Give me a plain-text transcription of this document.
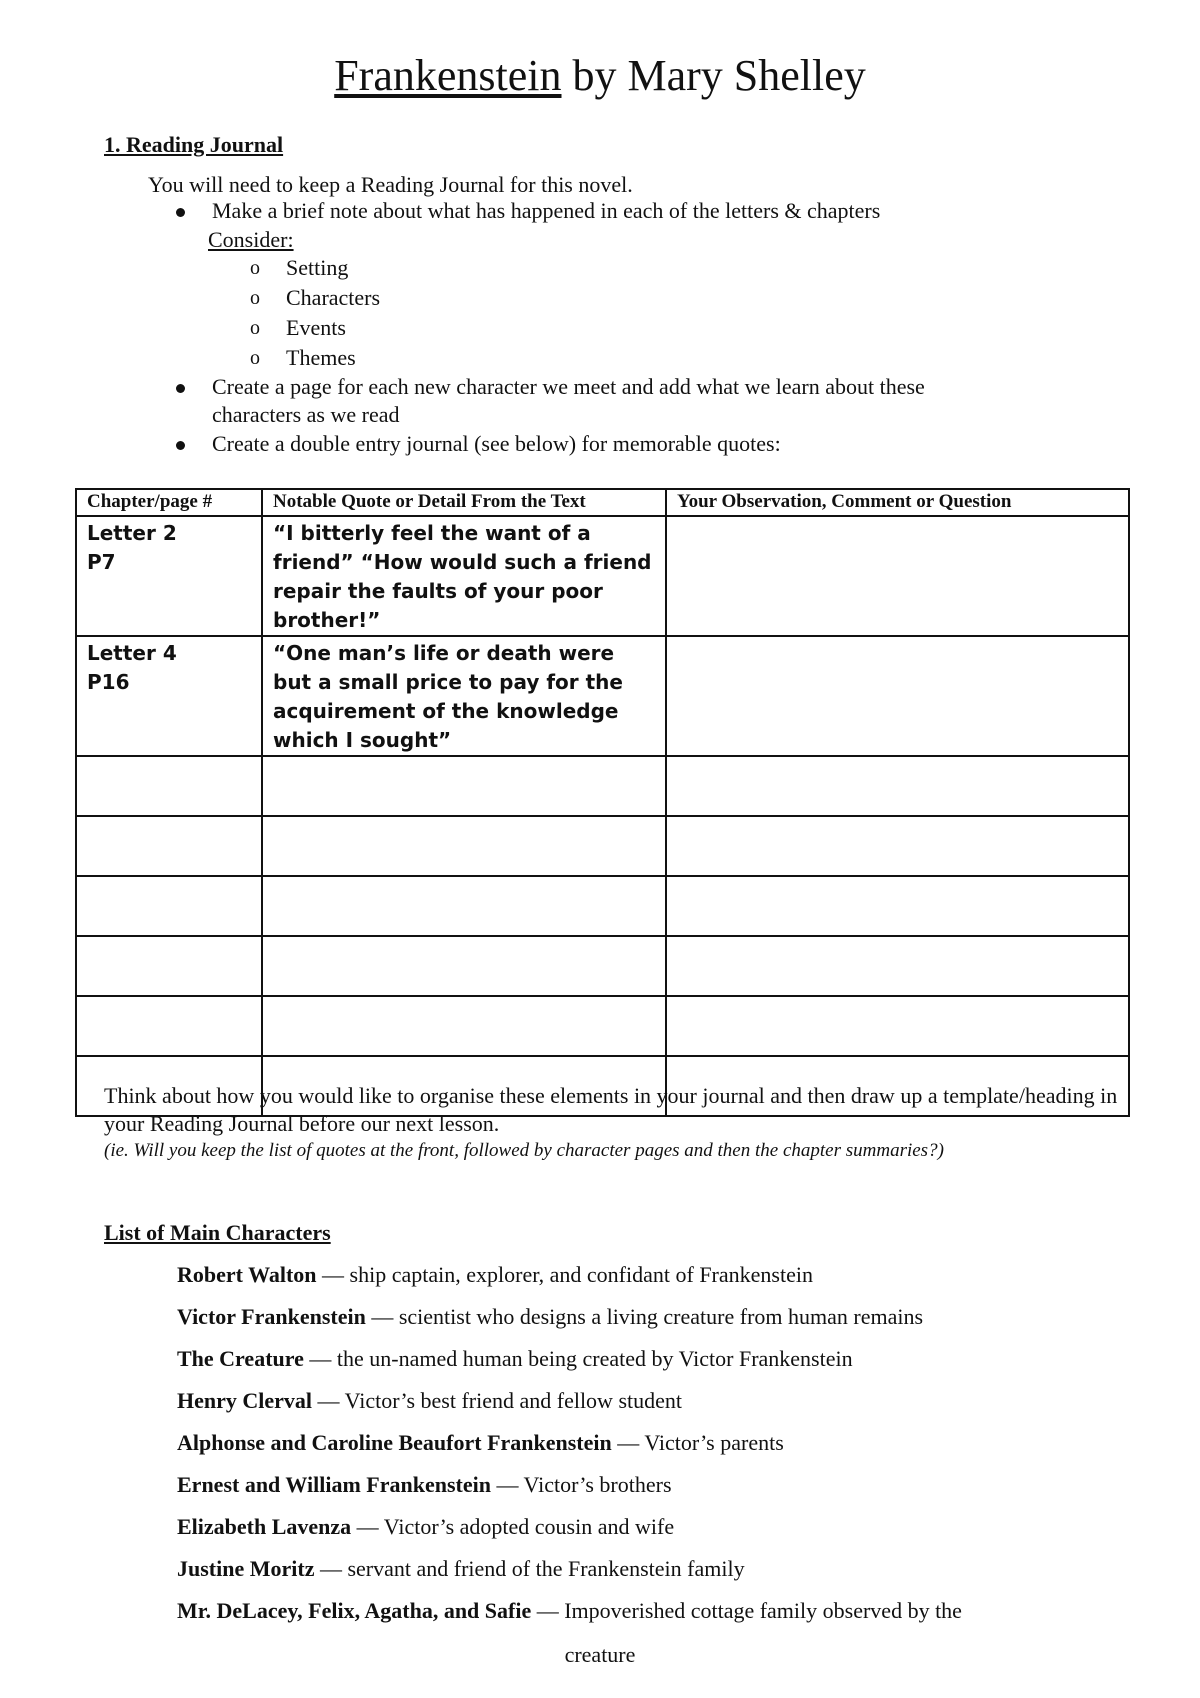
Frankenstein by Mary Shelley
1. Reading Journal
You will need to keep a Reading Journal for this novel.
Make a brief note about what has happened in each of the letters & chapters
Consider:
o Setting
o Characters
o Events
o Themes
Create a page for each new character we meet and add what we learn about these
characters as we read
Create a double entry journal (see below) for memorable quotes:
Chapter/page #	Notable Quote or Detail From the Text	Your Observation, Comment or Question

Letter 2
P7	“I bitterly feel the want of a friend” “How would such a friend repair the faults of your poor brother!”	

Letter 4
P16	“One man’s life or death were but a small price to pay for the acquirement of the knowledge which I sought”	

Think about how you would like to organise these elements in your journal and then draw up a template/heading in your Reading Journal before our next lesson.
(ie. Will you keep the list of quotes at the front, followed by character pages and then the chapter summaries?)
List of Main Characters
Robert Walton — ship captain, explorer, and confidant of Frankenstein
Victor Frankenstein — scientist who designs a living creature from human remains
The Creature — the un-named human being created by Victor Frankenstein
Henry Clerval — Victor’s best friend and fellow student
Alphonse and Caroline Beaufort Frankenstein — Victor’s parents
Ernest and William Frankenstein — Victor’s brothers
Elizabeth Lavenza — Victor’s adopted cousin and wife
Justine Moritz — servant and friend of the Frankenstein family
Mr. DeLacey, Felix, Agatha, and Safie — Impoverished cottage family observed by the
creature
